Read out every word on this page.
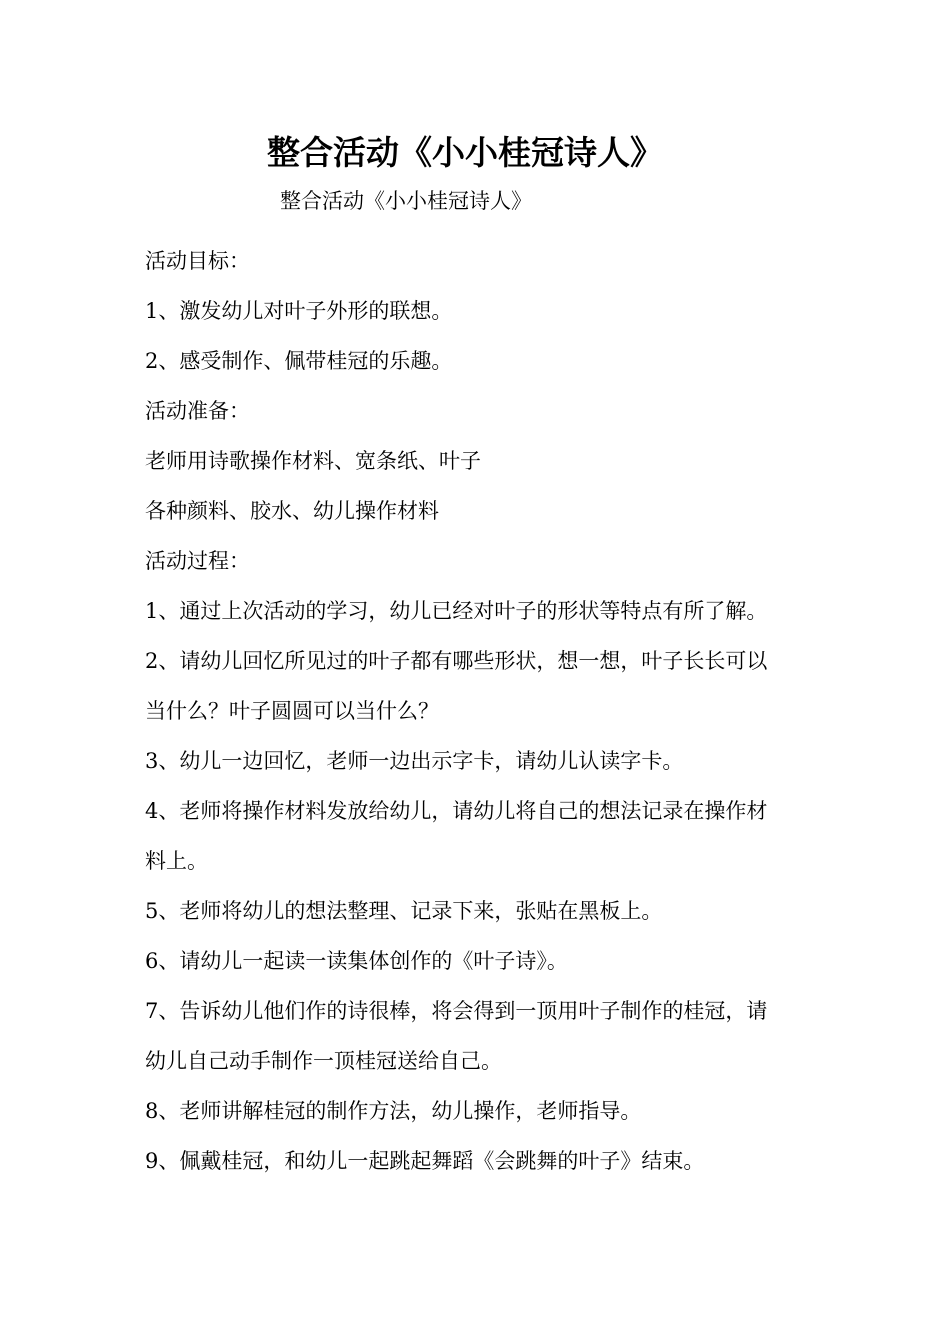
整合活动《小小桂冠诗人》

整合活动《小小桂冠诗人》

活动目标：

1、激发幼儿对叶子外形的联想。

2、感受制作、佩带桂冠的乐趣。

活动准备：

老师用诗歌操作材料、宽条纸、叶子

各种颜料、胶水、幼儿操作材料

活动过程：

1、通过上次活动的学习，幼儿已经对叶子的形状等特点有所了解。

2、请幼儿回忆所见过的叶子都有哪些形状，想一想，叶子长长可以

当什么？叶子圆圆可以当什么？

3、幼儿一边回忆，老师一边出示字卡，请幼儿认读字卡。

4、老师将操作材料发放给幼儿，请幼儿将自己的想法记录在操作材

料上。

5、老师将幼儿的想法整理、记录下来，张贴在黑板上。

6、请幼儿一起读一读集体创作的《叶子诗》。

7、告诉幼儿他们作的诗很棒，将会得到一顶用叶子制作的桂冠，请

幼儿自己动手制作一顶桂冠送给自己。

8、老师讲解桂冠的制作方法，幼儿操作，老师指导。

9、佩戴桂冠，和幼儿一起跳起舞蹈《会跳舞的叶子》结束。
